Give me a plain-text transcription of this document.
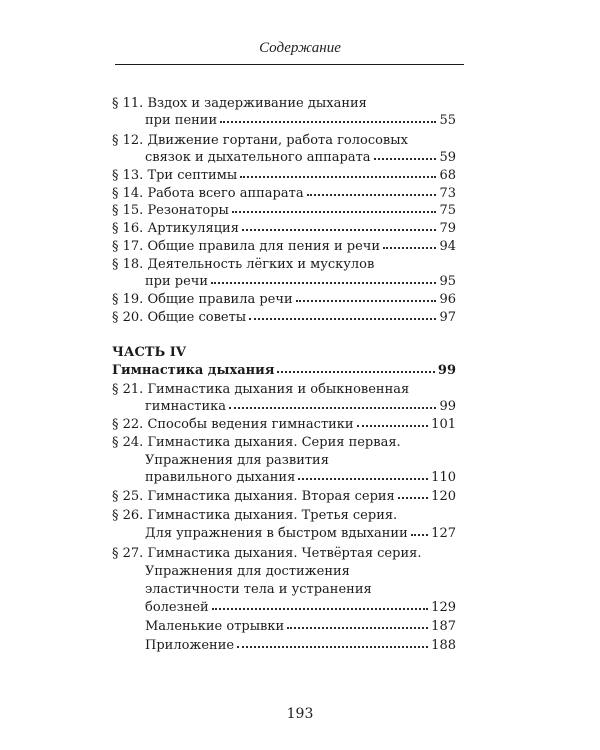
Содержание
§ 11. Вздох и задерживание дыхания
при пении	55
§ 12. Движение гортани, работа голосовых
связок и дыхательного аппарата	59
§ 13. Три септимы	68
§ 14. Работа всего аппарата	73
§ 15. Резонаторы	75
§ 16. Артикуляция	79
§ 17. Общие правила для пения и речи	94
§ 18. Деятельность лёгких и мускулов
при речи	95
§ 19. Общие правила речи	96
§ 20. Общие советы	97
ЧАСТЬ IV
Гимнастика дыхания	99
§ 21. Гимнастика дыхания и обыкновенная
гимнастика	99
§ 22. Способы ведения гимнастики	101
§ 24. Гимнастика дыхания. Серия первая.
Упражнения для развития
правильного дыхания	110
§ 25. Гимнастика дыхания. Вторая серия	120
§ 26. Гимнастика дыхания. Третья серия.
Для упражнения в быстром вдыхании 127
§ 27. Гимнастика дыхания. Четвёртая серия.
Упражнения для достижения
эластичности тела и устранения
болезней	129
Маленькие отрывки	187
Приложение	188
193
